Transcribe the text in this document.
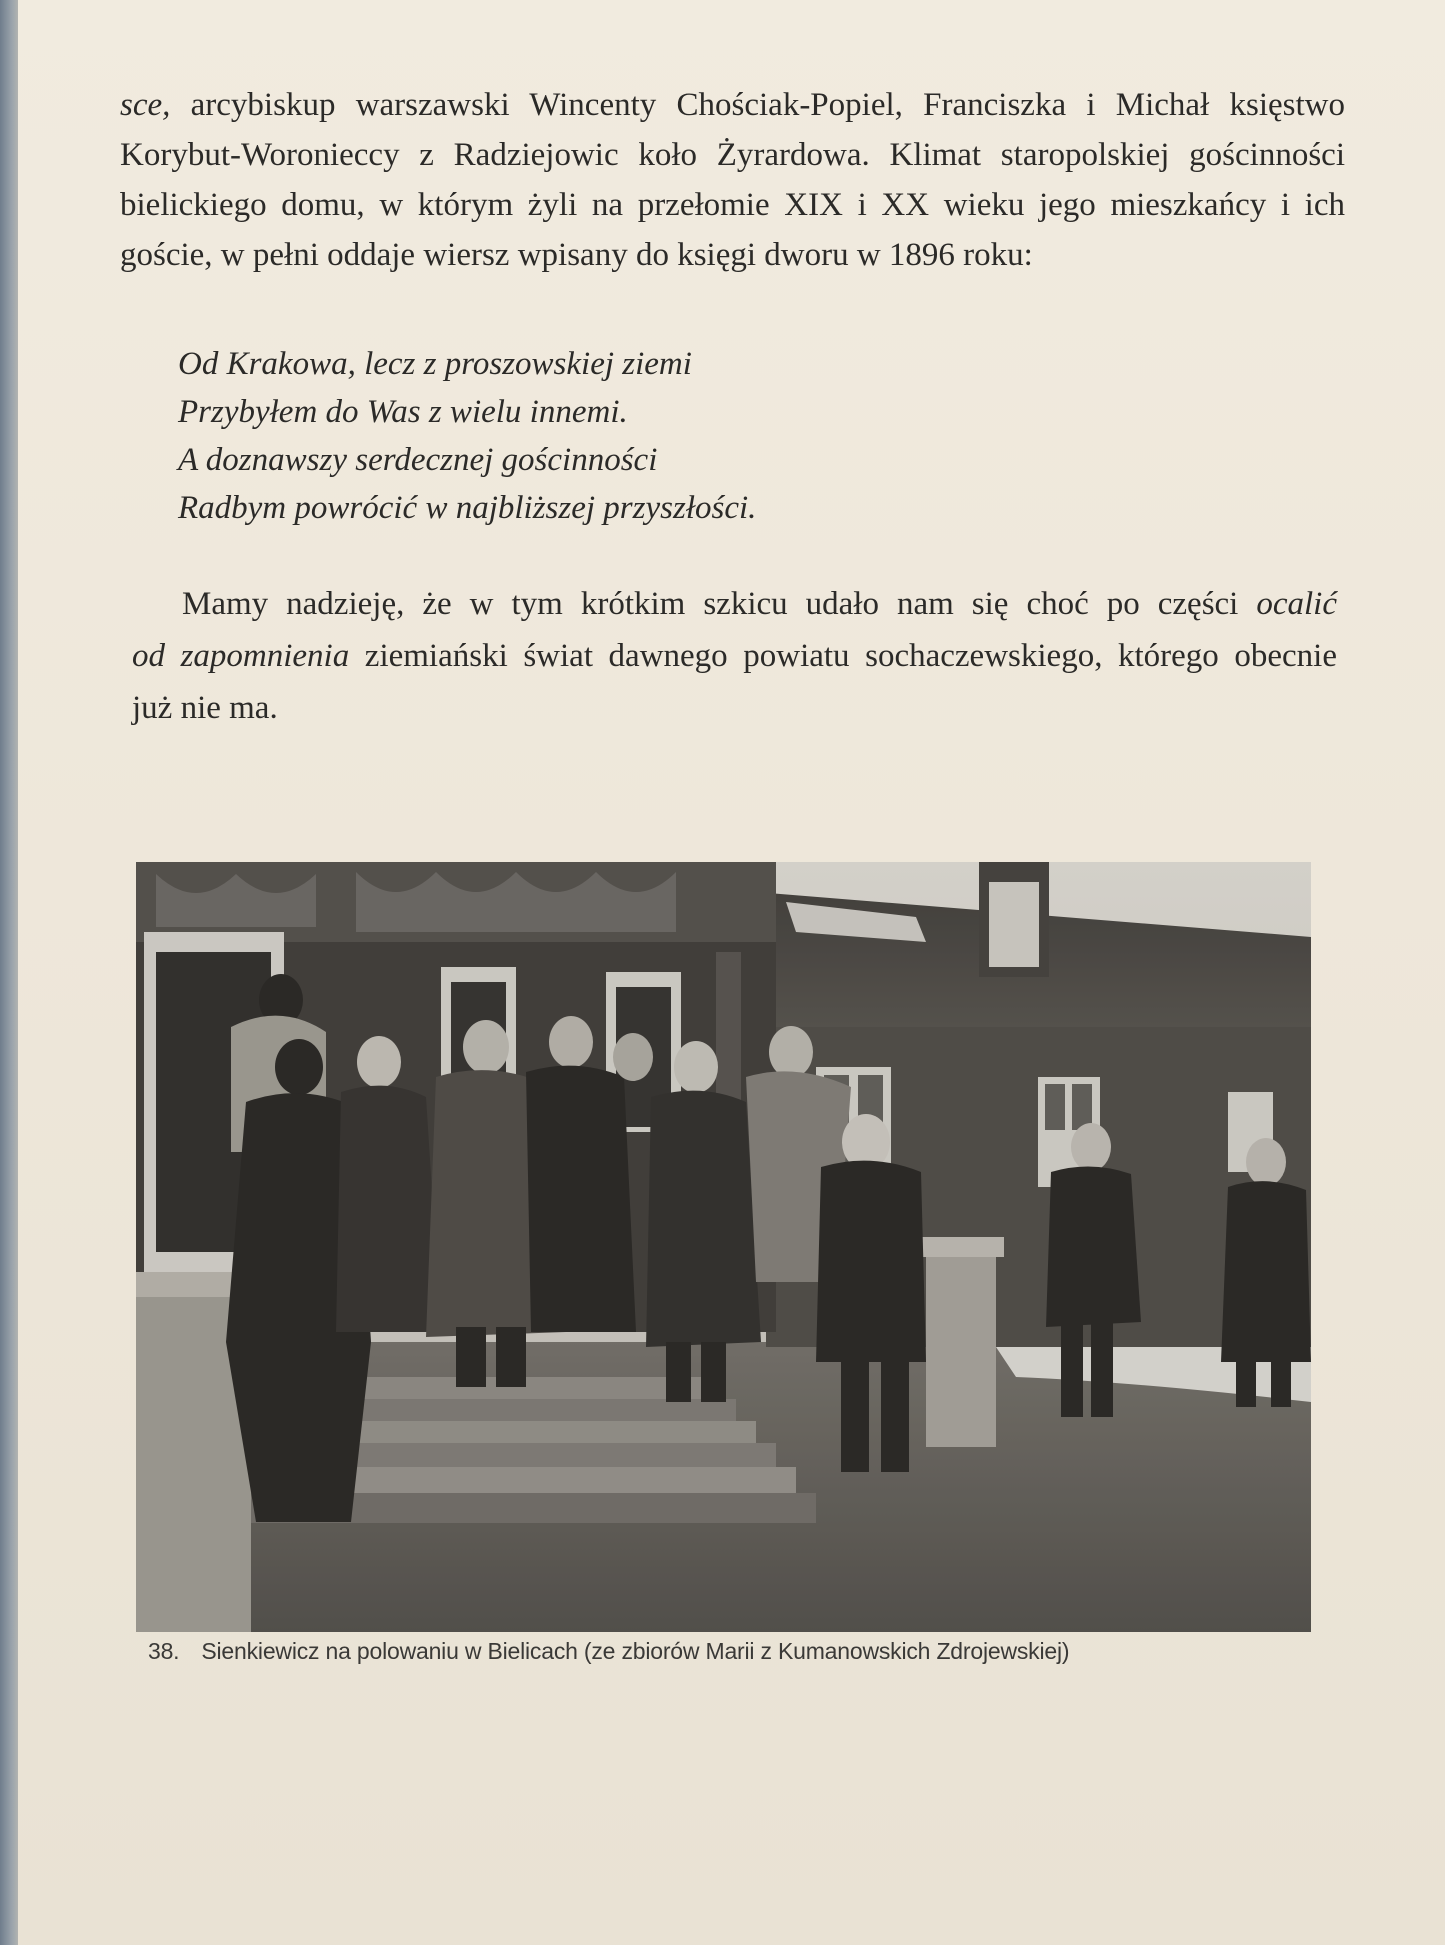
sce, arcybiskup warszawski Wincenty Chościak-Popiel, Franciszka i Michał księstwo
Korybut-Woronieccy z Radziejowic koło Żyrardowa. Klimat staropolskiej gościnności
bielickiego domu, w którym żyli na przełomie XIX i XX wieku jego mieszkańcy i ich
goście, w pełni oddaje wiersz wpisany do księgi dworu w 1896 roku:
Od Krakowa, lecz z proszowskiej ziemi
Przybyłem do Was z wielu innemi.
A doznawszy serdecznej gościnności
Radbym powrócić w najbliższej przyszłości.
Mamy nadzieję, że w tym krótkim szkicu udało nam się choć po części ocalić
od zapomnienia ziemiański świat dawnego powiatu sochaczewskiego, którego obecnie
już nie ma.
38. Sienkiewicz na polowaniu w Bielicach (ze zbiorów Marii z Kumanowskich Zdrojewskiej)
